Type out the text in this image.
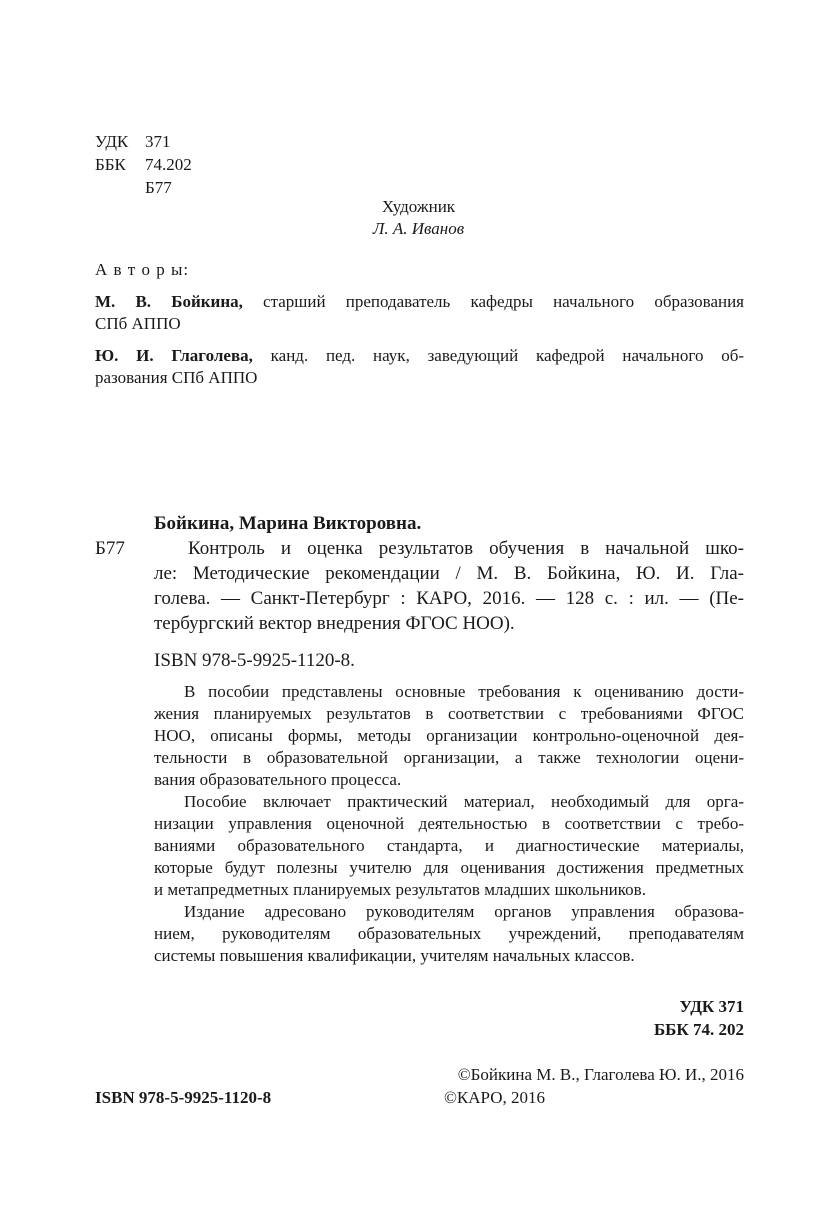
УДК 371
ББК 74.202
Б77
Художник
Л. А. Иванов
А в т о р ы:
М. В. Бойкина, старший преподаватель кафедры начального образования
СПб АППО
Ю. И. Глаголева, канд. пед. наук, заведующий кафедрой начального об-
разования СПб АППО
Бойкина, Марина Викторовна.
Б77	Контроль и оценка результатов обучения в начальной шко-
ле: Методические рекомендации / М. В. Бойкина, Ю. И. Гла-
голева. — Санкт-Петербург : КАРО, 2016. — 128 с. : ил. — (Пе-
тербургский вектор внедрения ФГОС НОО).
ISBN 978-5-9925-1120-8.
В пособии представлены основные требования к оцениванию дости-
жения планируемых результатов в соответствии с требованиями ФГОС
НОО, описаны формы, методы организации контрольно-оценочной дея-
тельности в образовательной организации, а также технологии оцени-
вания образовательного процесса.
Пособие включает практический материал, необходимый для орга-
низации управления оценочной деятельностью в соответствии с требо-
ваниями образовательного стандарта, и диагностические материалы,
которые будут полезны учителю для оценивания достижения предметных
и метапредметных планируемых результатов младших школьников.
Издание адресовано руководителям органов управления образова-
нием, руководителям образовательных учреждений, преподавателям
системы повышения квалификации, учителям начальных классов.
УДК 371
ББК 74. 202
ISBN 978-5-9925-1120-8
©Бойкина М. В., Глаголева Ю. И., 2016
©КАРО, 2016
